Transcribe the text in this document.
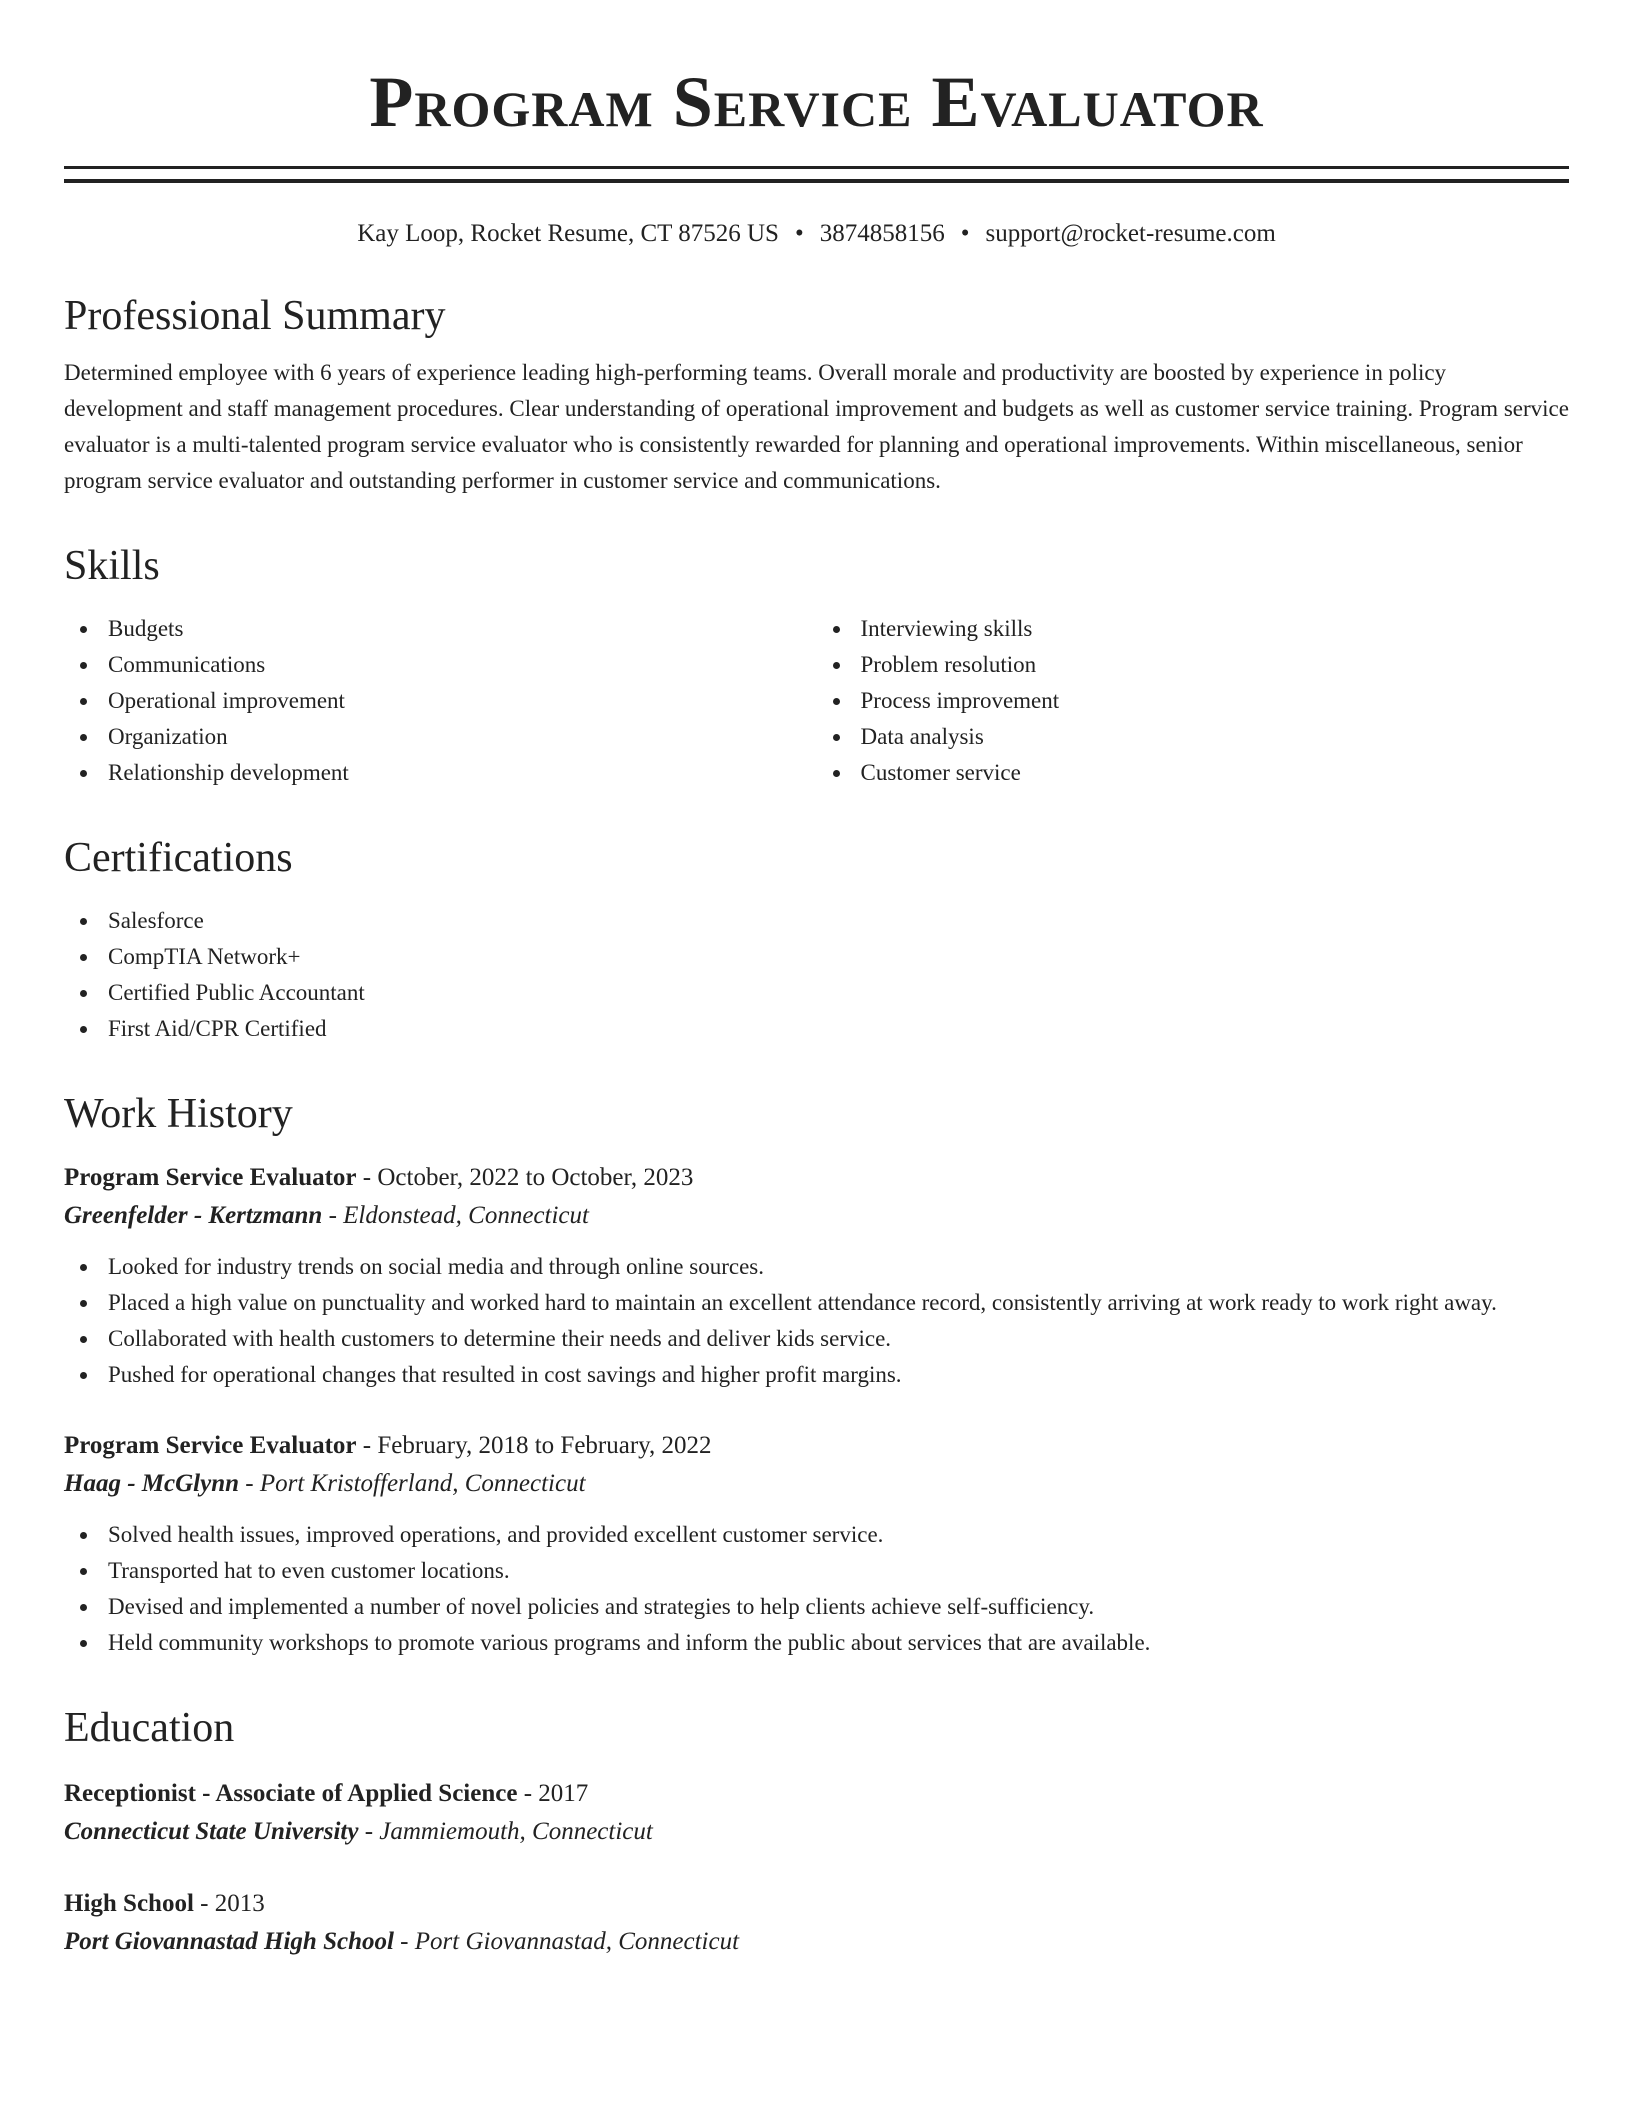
Program Service Evaluator
Kay Loop, Rocket Resume, CT 87526 US • 3874858156 • support@rocket-resume.com
Professional Summary

Determined employee with 6 years of experience leading high-performing teams. Overall morale and productivity are boosted by experience in policy development and staff management procedures. Clear understanding of operational improvement and budgets as well as customer service training. Program service evaluator is a multi-talented program service evaluator who is consistently rewarded for planning and operational improvements. Within miscellaneous, senior program service evaluator and outstanding performer in customer service and communications.

Skills
Budgets
Communications
Operational improvement
Organization
Relationship development
Interviewing skills
Problem resolution
Process improvement
Data analysis
Customer service
Certifications
Salesforce
CompTIA Network+
Certified Public Accountant
First Aid/CPR Certified
Work History
Program Service Evaluator - October, 2022 to October, 2023
Greenfelder - Kertzmann - Eldonstead, Connecticut
Looked for industry trends on social media and through online sources.
Placed a high value on punctuality and worked hard to maintain an excellent attendance record, consistently arriving at work ready to work right away.
Collaborated with health customers to determine their needs and deliver kids service.
Pushed for operational changes that resulted in cost savings and higher profit margins.
Program Service Evaluator - February, 2018 to February, 2022
Haag - McGlynn - Port Kristofferland, Connecticut
Solved health issues, improved operations, and provided excellent customer service.
Transported hat to even customer locations.
Devised and implemented a number of novel policies and strategies to help clients achieve self-sufficiency.
Held community workshops to promote various programs and inform the public about services that are available.
Education
Receptionist - Associate of Applied Science - 2017
Connecticut State University - Jammiemouth, Connecticut
High School - 2013
Port Giovannastad High School - Port Giovannastad, Connecticut
